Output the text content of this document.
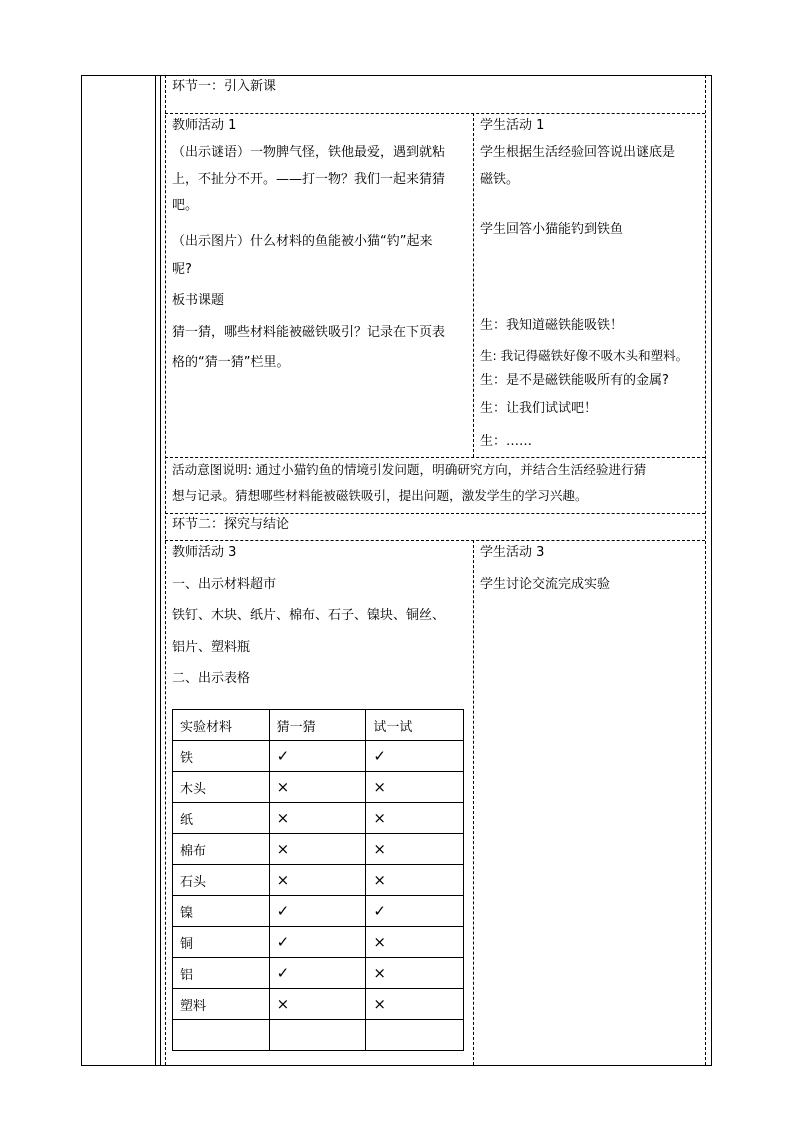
环节一：引入新课
教师活动 1
（出示谜语）一物脾气怪，铁他最爱，遇到就粘
上，不扯分不开。——打一物？我们一起来猜猜
吧。
（出示图片）什么材料的鱼能被小猫“钓”起来
呢?
板书课题
猜一猜，哪些材料能被磁铁吸引？记录在下页表
格的“猜一猜”栏里。
学生活动 1
学生根据生活经验回答说出谜底是
磁铁。
学生回答小猫能钓到铁鱼
生：我知道磁铁能吸铁！
生: 我记得磁铁好像不吸木头和塑料。
生：是不是磁铁能吸所有的金属?
生：让我们试试吧！
生：……
活动意图说明: 通过小猫钓鱼的情境引发问题，明确研究方向，并结合生活经验进行猜
想与记录。猜想哪些材料能被磁铁吸引，提出问题，激发学生的学习兴趣。
环节二：探究与结论
教师活动 3
一、出示材料超市
铁钉、木块、纸片、棉布、石子、镍块、铜丝、
铝片、塑料瓶
二、出示表格
学生活动 3
学生讨论交流完成实验
实验材料	猜一猜	试一试
铁	✓	✓
木头	×	×
纸	×	×
棉布	×	×
石头	×	×
镍	✓	✓
铜	✓	×
铝	✓	×
塑料	×	×
